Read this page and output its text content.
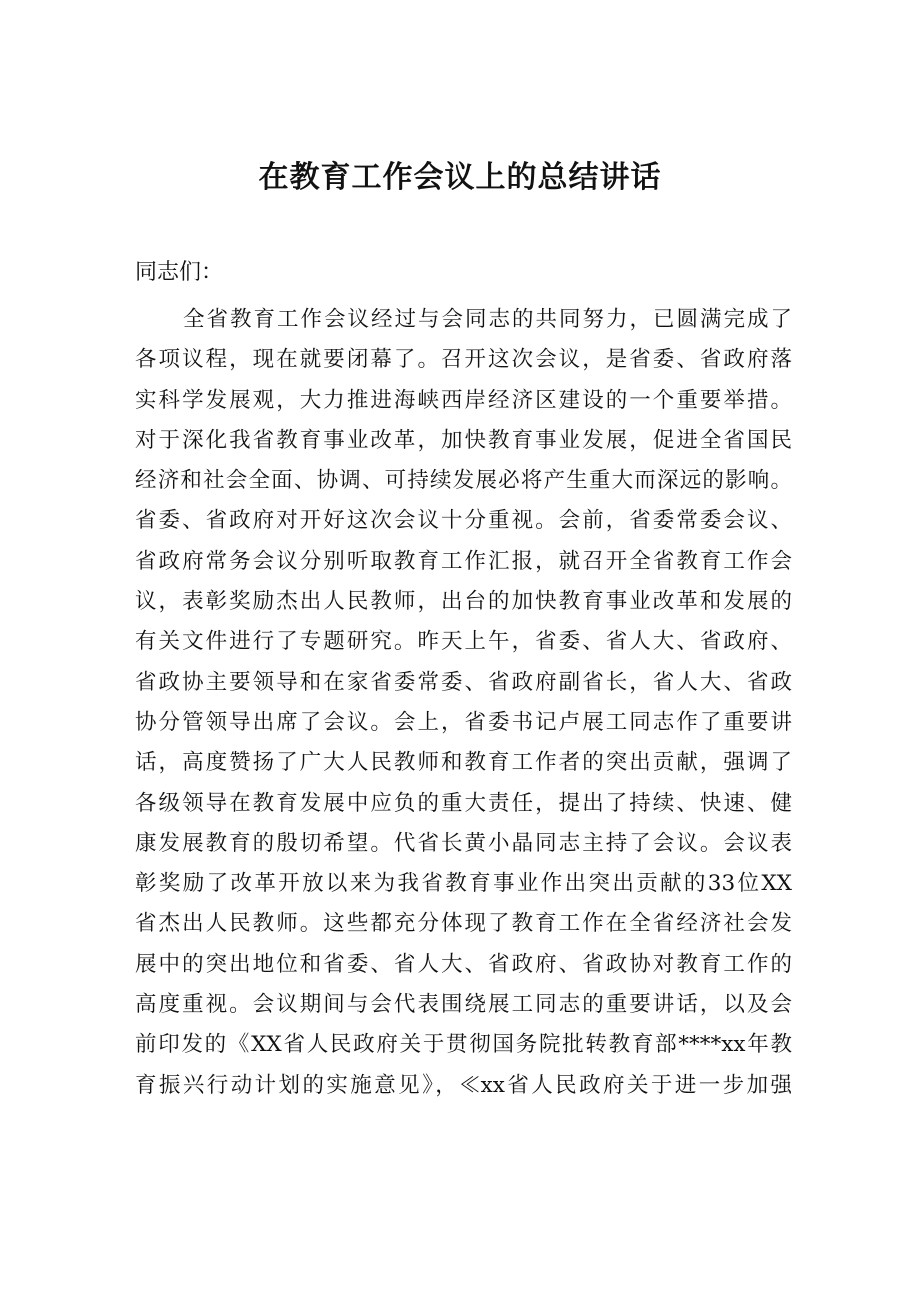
在教育工作会议上的总结讲话
同志们：
全省教育工作会议经过与会同志的共同努力，已圆满完成了
各项议程，现在就要闭幕了。召开这次会议，是省委、省政府落
实科学发展观，大力推进海峡西岸经济区建设的一个重要举措。
对于深化我省教育事业改革，加快教育事业发展，促进全省国民
经济和社会全面、协调、可持续发展必将产生重大而深远的影响。
省委、省政府对开好这次会议十分重视。会前，省委常委会议、
省政府常务会议分别听取教育工作汇报，就召开全省教育工作会
议，表彰奖励杰出人民教师，出台的加快教育事业改革和发展的
有关文件进行了专题研究。昨天上午，省委、省人大、省政府、
省政协主要领导和在家省委常委、省政府副省长，省人大、省政
协分管领导出席了会议。会上，省委书记卢展工同志作了重要讲
话，高度赞扬了广大人民教师和教育工作者的突出贡献，强调了
各级领导在教育发展中应负的重大责任，提出了持续、快速、健
康发展教育的殷切希望。代省长黄小晶同志主持了会议。会议表
彰奖励了改革开放以来为我省教育事业作出突出贡献的33位XX
省杰出人民教师。这些都充分体现了教育工作在全省经济社会发
展中的突出地位和省委、省人大、省政府、省政协对教育工作的
高度重视。会议期间与会代表围绕展工同志的重要讲话，以及会
前印发的《XX省人民政府关于贯彻国务院批转教育部****xx年教
育振兴行动计划的实施意见》，≪xx省人民政府关于进一步加强
